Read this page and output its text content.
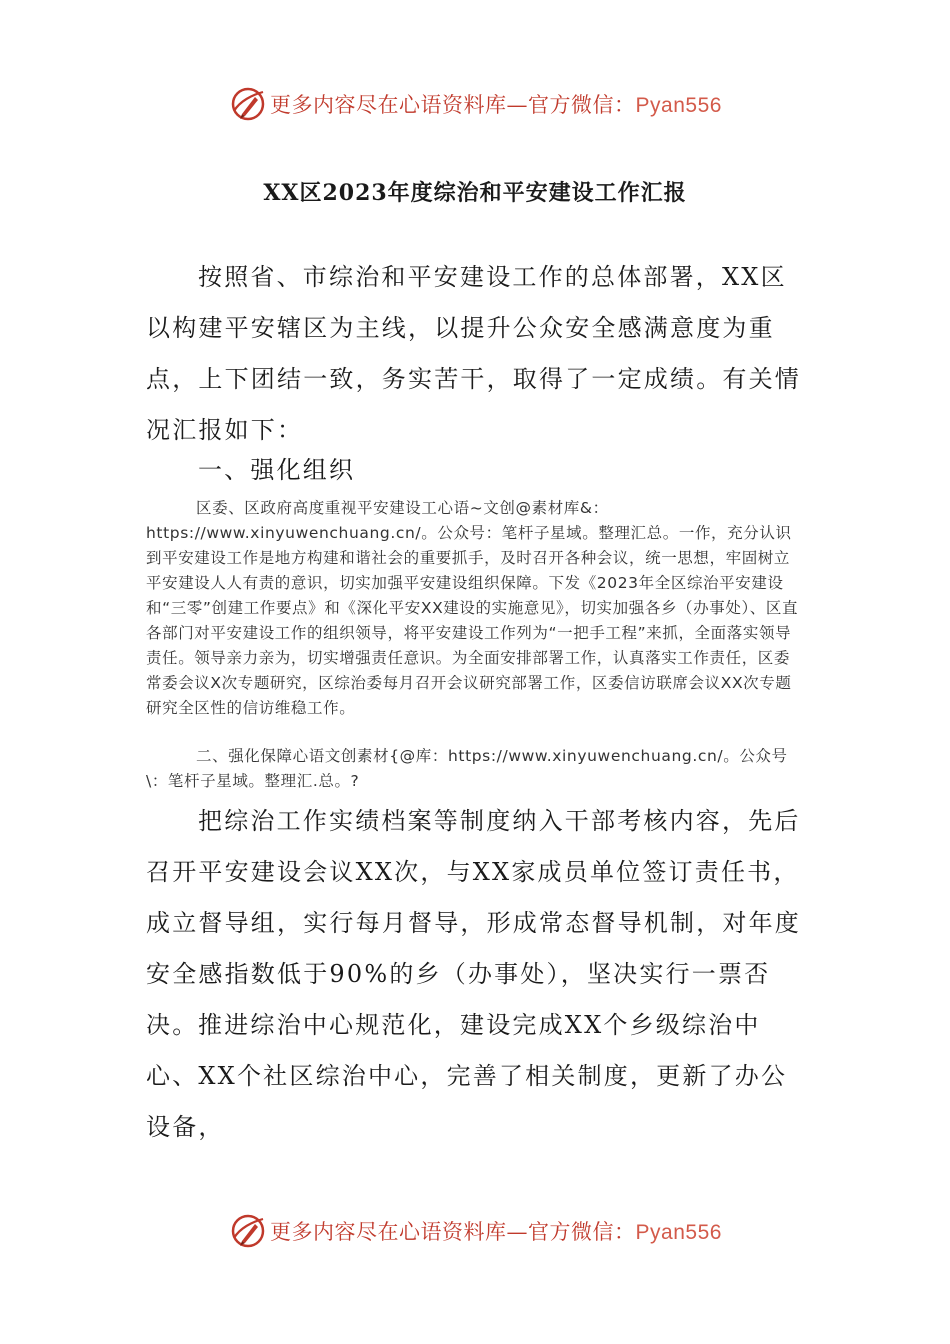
更多内容尽在心语资料库—官方微信：Pyan556
XX区2023年度综治和平安建设工作汇报
按照省、市综治和平安建设工作的总体部署，XX区以构建平安辖区为主线，以提升公众安全感满意度为重点，上下团结一致，务实苦干，取得了一定成绩。有关情况汇报如下：
一、强化组织
区委、区政府高度重视平安建设工心语~文创@素材库&：https://www.xinyuwenchuang.cn/。公众号：笔杆子星域。整理汇总。一作，充分认识到平安建设工作是地方构建和谐社会的重要抓手，及时召开各种会议，统一思想，牢固树立平安建设人人有责的意识，切实加强平安建设组织保障。下发《2023年全区综治平安建设和“三零”创建工作要点》和《深化平安XX建设的实施意见》，切实加强各乡（办事处）、区直各部门对平安建设工作的组织领导，将平安建设工作列为“一把手工程”来抓，全面落实领导责任。领导亲力亲为，切实增强责任意识。为全面安排部署工作，认真落实工作责任，区委常委会议X次专题研究，区综治委每月召开会议研究部署工作，区委信访联席会议XX次专题研究全区性的信访维稳工作。
二、强化保障心语文创素材{@库：https://www.xinyuwenchuang.cn/。公众号\：笔杆子星域。整理汇.总。?
把综治工作实绩档案等制度纳入干部考核内容，先后召开平安建设会议XX次，与XX家成员单位签订责任书，成立督导组，实行每月督导，形成常态督导机制，对年度安全感指数低于90%的乡（办事处），坚决实行一票否决。 推进综治中心规范化，建设完成XX个乡级综治中心、XX个社区综治中心，完善了相关制度，更新了办公设备，
更多内容尽在心语资料库—官方微信：Pyan556
